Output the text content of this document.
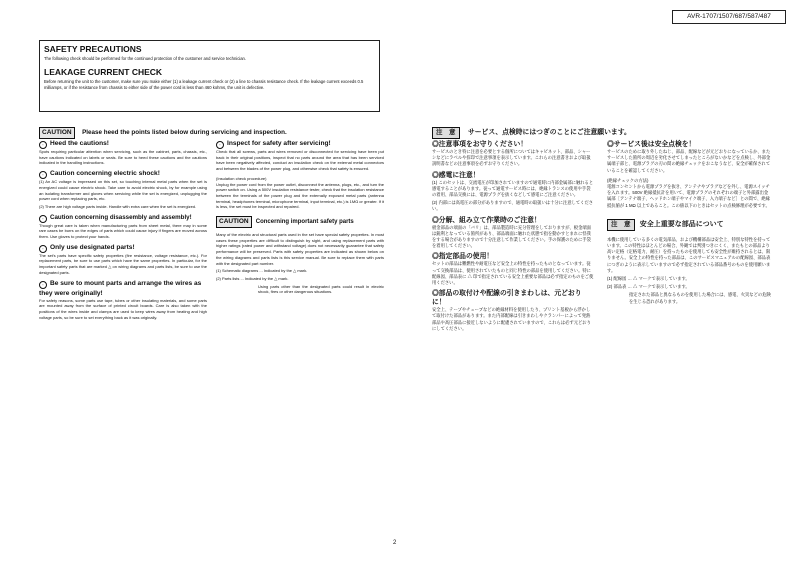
AVR-1707/1507/687/587/487
SAFETY PRECAUTIONS
The following check should be performed for the continued protection of the customer and service technician.
LEAKAGE CURRENT CHECK
Before returning the unit to the customer, make sure you make either (1) a leakage current check or (2) a line to chassis resistance check. If the leakage current exceeds 0.5 milliamps, or if the resistance from chassis to either side of the power cord is less than 460 kohms, the unit is defective.
CAUTION Please heed the points listed below during servicing and inspection.
· Heed the cautions!

Spots requiring particular attention when servicing, such as the cabinet, parts, chassis, etc., have cautions indicated on labels or seals. Be sure to heed these cautions and the cautions indicated in the handling instructions.

· Caution concerning electric shock!

(1) An AC voltage is impressed on this set, so touching internal metal parts when the set is energized could cause electric shock. Take care to avoid electric shock, by for example using an isolating transformer and gloves when servicing while the set is energized, unplugging the power cord when replacing parts, etc.

(2) There are high voltage parts inside. Handle with extra care when the set is energized.

· Caution concerning disassembly and assembly!

Though great care is taken when manufacturing parts from sheet metal, there may in some rare cases be burrs on the edges of parts which could cause injury if fingers are moved across them. Use gloves to protect your hands.

· Only use designated parts!

The set's parts have specific safety properties (fire resistance, voltage resistance, etc.). For replacement parts, be sure to use parts which have the same properties. In particular, for the important safety parts that are marked △ on wiring diagrams and parts lists, be sure to use the designated parts.

· Be sure to mount parts and arrange the wires as they were originally!

For safety reasons, some parts use tape, tubes or other insulating materials, and some parts are mounted away from the surface of printed circuit boards. Care is also taken with the positions of the wires inside and clamps are used to keep wires away from heating and high voltage parts, so be sure to set everything back as it was originally.

· Inspect for safety after servicing!

Check that all screws, parts and wires removed or disconnected for servicing have been put back in their original positions, inspect that no parts around the area that has been serviced have been negatively affected, conduct an insulation check on the external metal connectors and between the blades of the power plug, and otherwise check that safety is ensured.

(Insulation check procedure)

Unplug the power cord from the power outlet, disconnect the antenna, plugs, etc., and turn the power switch on. Using a 500V insulation resistance tester, check that the insulation resistance between the terminals of the power plug and the externally exposed metal parts (antenna terminal, headphones terminal, microphone terminal, input terminal, etc.) is 1MΩ or greater. If it is less, the set must be inspected and repaired.

CAUTION Concerning important safety parts

Many of the electric and structural parts used in the set have special safety properties. In most cases these properties are difficult to distinguish by sight, and using replacement parts with higher ratings (rated power and withstand voltage) does not necessarily guarantee that safety performance will be preserved. Parts with safety properties are indicated as shown below on the wiring diagrams and parts lists is this service manual. Be sure to replace them with parts with the designated part number.

(1) Schematic diagrams ... Indicated by the △ mark.

(2) Parts lists ... Indicated by the △ mark.

Using parts other than the designated parts could result in electric shock, fires or other dangerous situations.

注　意 サービス、点検時にはつぎのことにご注意願います。
◎注意事項をお守りください！

サービスのとき特に注意を必要とする個所についてはキャビネット、部品、シャーシなどにラベルや捺印で注意事項を表示しています。これらの注意書きおよび取扱説明書などの注意事項を必ずお守りください。

◎感電に注意！

(1) このセットは、交流電圧が印加されていますので通電時に内部金属部に触れると感電することがあります。従って通電サービス時には、絶縁トランスの使用や手袋の着用、部品交換には、電源プラグを抜くなどして感電にご注意ください。

(2) 内部には高電圧の部分がありますので、通電時の取扱いは十分に注意してください。

◎分解、組み立て作業時のご注意！

板金部品の端面の「バリ」は、部品製造時に充分管理をしておりますが、板金端面は鋭利となっている箇所があり、部品端面に触れた状態で指を動かすとまれに怪我をする場合がありますので十分注意して作業してください。手の保護のために手袋を着用してください。

◎指定部品の使用！

セットの部品は難燃性や耐電圧など安全上の特性を持ったものとなっています。従って交換部品は、使用されていたものと同じ特性の部品を使用してください。特に配線図、部品表に △ 印で指定されている安全上重要な部品は必ず指定のものをご使用ください。

◎部品の取付けや配線の引きまわしは、元どおりに！

安全上、テープやチューブなどの絶縁材料を使用したり、プリント基板から浮かして取付けた部品があります。また内部配線は引きまわしやクランパーによって発熱部品や高圧部品に接近しないように配慮されていますので、これらは必ず元どおりにしてください。

◎サービス後は安全点検を！

サービスのために取り外したねじ、部品、配線などが元どおりになっているか、またサービスした箇所の周辺を劣化させてしまったところがないかなどを点検し、外部金属端子部と、電源プラグの刃の間の絶縁チェックをおこなうなど、安全が確保されていることを確認してください。

(絶縁チェックの方法)

電源コンセントから電源プラグを抜き、アンテナやプラグなどを外し、電源スイッチを入れます。500V 絶縁抵抗計を用いて、電源プラグのそれぞれの端子と外部露出金属部［アンテナ端子、ヘッドホン端子やマイク端子、入力端子など］との間で、絶縁抵抗値が 1 MΩ 以上であること。この値以下のときはセットの点検修理が必要です。

注　意 安全上重要な部品について

本機に使用している多くの電気部品、および機構部品は安全上、特別な特性を持っています。この特性はほとんどの場合、外観では判別つきにくく、またもとの部品より高い定格（定格電力、耐圧）を持ったものを使用しても安全性が維持されるとは、限りません。安全上の特性を持った部品は、このサービスマニュアルの配線図、部品表につぎのように表示していますので必ず指定されている部品番号のものを使用願います。

(1) 配線図 … △ マークで表示しています。

(2) 部品表 … △ マークで表示しています。

指定された部品と異なるものを使用した場合には、感電、火災などの危険を生じる恐れがあります。

2
